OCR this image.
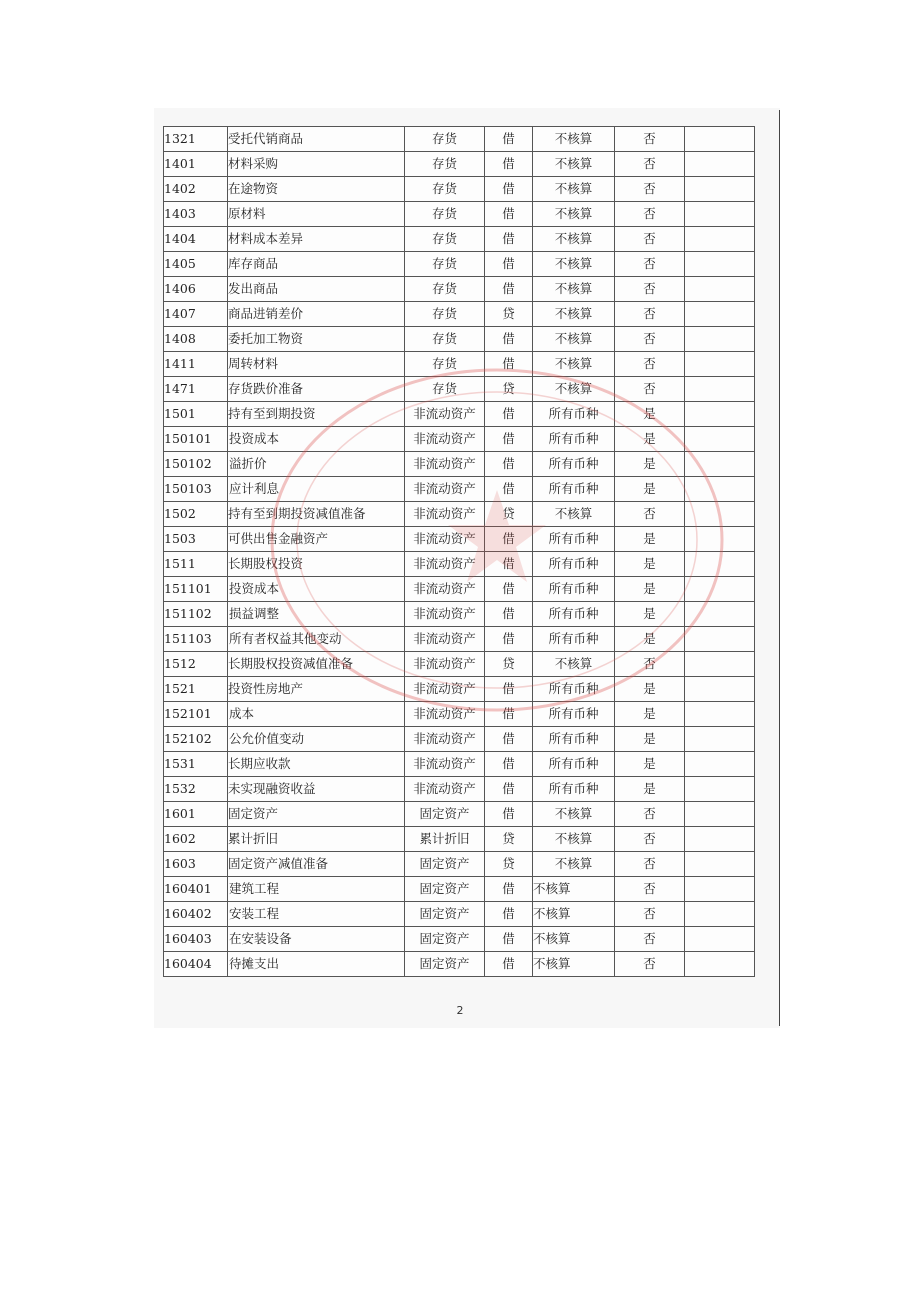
1321	受托代销商品	存货	借	不核算	否	
1401	材料采购	存货	借	不核算	否	
1402	在途物资	存货	借	不核算	否	
1403	原材料	存货	借	不核算	否	
1404	材料成本差异	存货	借	不核算	否	
1405	库存商品	存货	借	不核算	否	
1406	发出商品	存货	借	不核算	否	
1407	商品进销差价	存货	贷	不核算	否	
1408	委托加工物资	存货	借	不核算	否	
1411	周转材料	存货	借	不核算	否	
1471	存货跌价准备	存货	贷	不核算	否	
1501	持有至到期投资	非流动资产	借	所有币种	是	
150101	投资成本	非流动资产	借	所有币种	是	
150102	溢折价	非流动资产	借	所有币种	是	
150103	应计利息	非流动资产	借	所有币种	是	
1502	持有至到期投资减值准备	非流动资产	贷	不核算	否	
1503	可供出售金融资产	非流动资产	借	所有币种	是	
1511	长期股权投资	非流动资产	借	所有币种	是	
151101	投资成本	非流动资产	借	所有币种	是	
151102	损益调整	非流动资产	借	所有币种	是	
151103	所有者权益其他变动	非流动资产	借	所有币种	是	
1512	长期股权投资减值准备	非流动资产	贷	不核算	否	
1521	投资性房地产	非流动资产	借	所有币种	是	
152101	成本	非流动资产	借	所有币种	是	
152102	公允价值变动	非流动资产	借	所有币种	是	
1531	长期应收款	非流动资产	借	所有币种	是	
1532	未实现融资收益	非流动资产	借	所有币种	是	
1601	固定资产	固定资产	借	不核算	否	
1602	累计折旧	累计折旧	贷	不核算	否	
1603	固定资产减值准备	固定资产	贷	不核算	否	
160401	建筑工程	固定资产	借	不核算	否	
160402	安装工程	固定资产	借	不核算	否	
160403	在安装设备	固定资产	借	不核算	否	
160404	待摊支出	固定资产	借	不核算	否	
2
